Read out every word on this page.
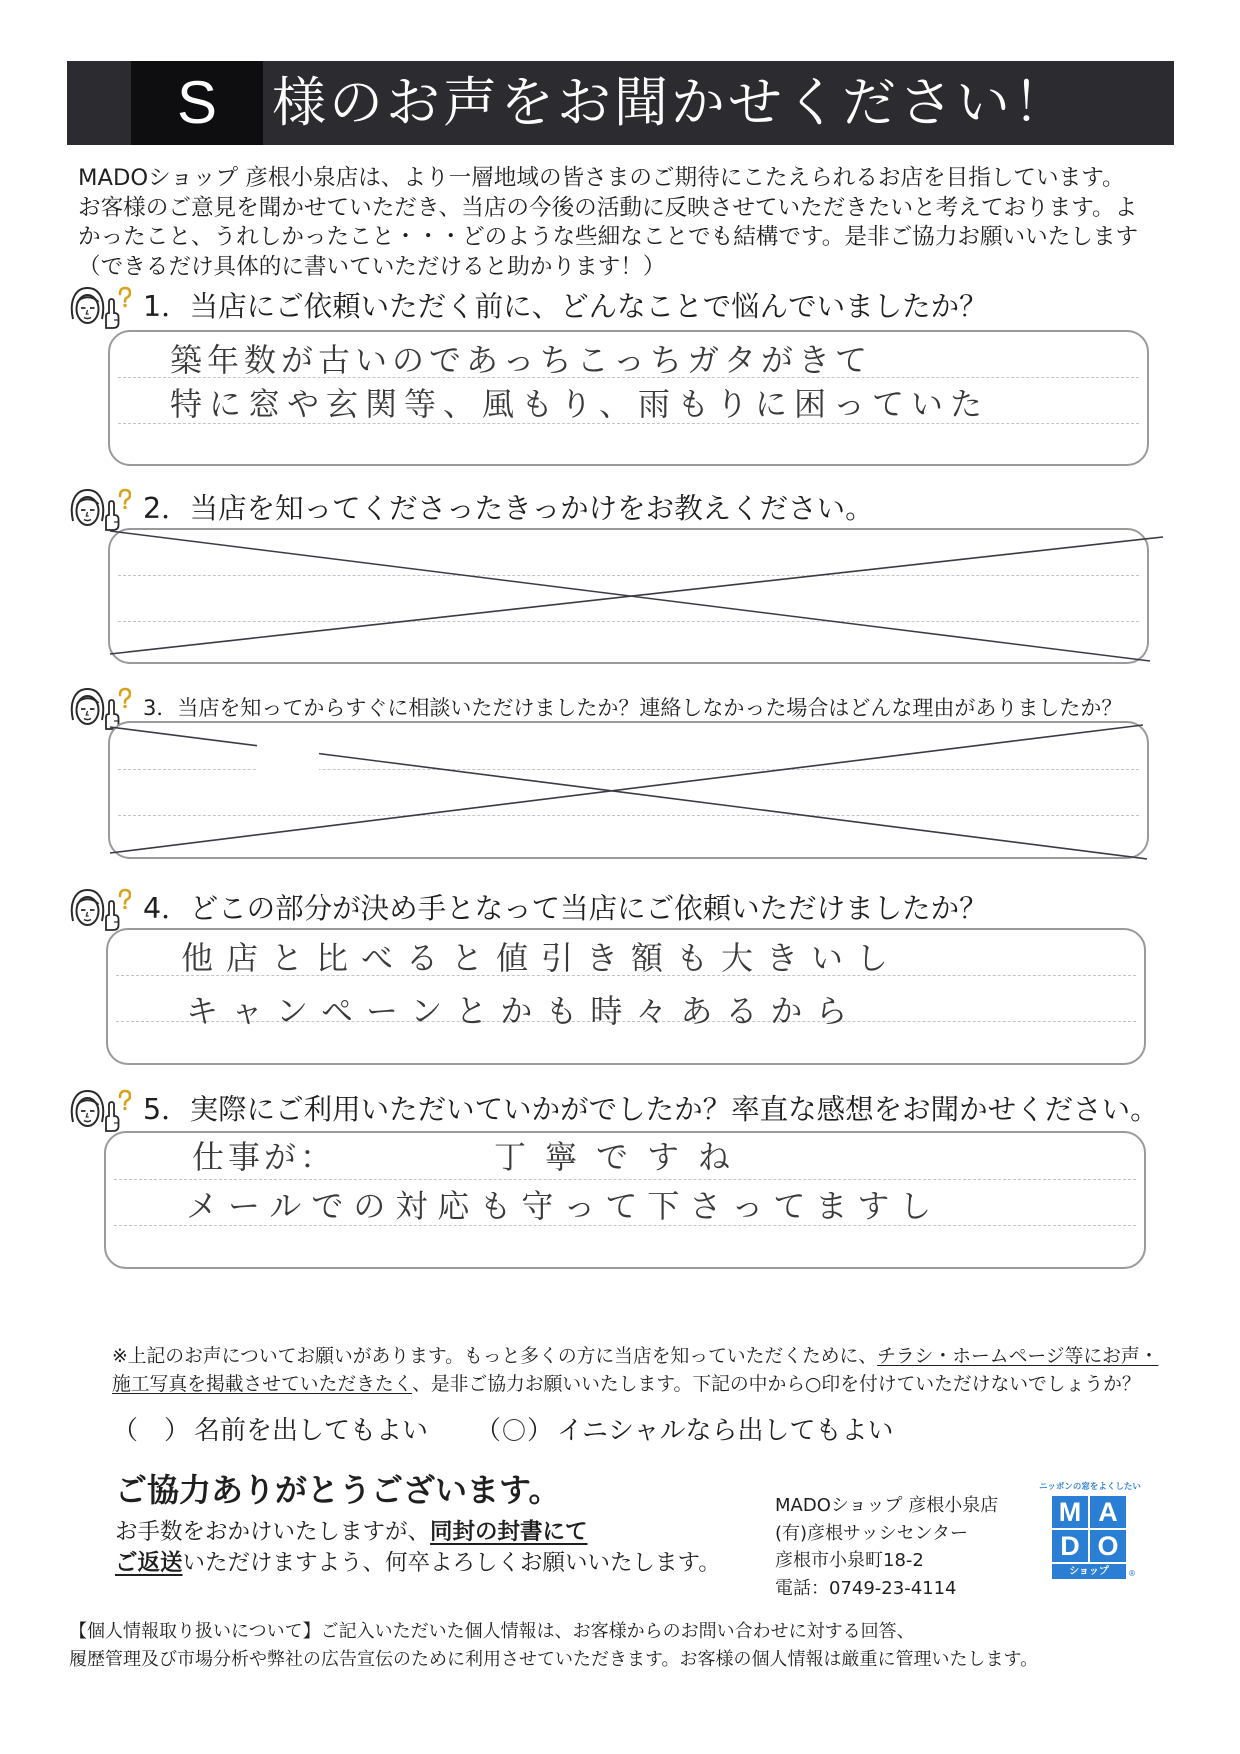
S	様のお声をお聞かせください！
MADOショップ 彦根小泉店は、より一層地域の皆さまのご期待にこたえられるお店を目指しています。
お客様のご意見を聞かせていただき、当店の今後の活動に反映させていただきたいと考えております。よ
かったこと、うれしかったこと・・・どのような些細なことでも結構です。是非ご協力お願いいたします
（できるだけ具体的に書いていただけると助かります！）
1．当店にご依頼いただく前に、どんなことで悩んでいましたか？
築年数が古いのであっちこっちガタがきて
特に窓や玄関等、風もり、雨もりに困っていた
2．当店を知ってくださったきっかけをお教えください。
3．当店を知ってからすぐに相談いただけましたか？連絡しなかった場合はどんな理由がありましたか？
4．どこの部分が決め手となって当店にご依頼いただけましたか？
他店と比べると値引き額も大きいし
キャンペーンとかも時々あるから
5．実際にご利用いただいていかがでしたか？率直な感想をお聞かせください。
仕事が：	丁寧ですね
メールでの対応も守って下さってますし
※上記のお声についてお願いがあります。もっと多くの方に当店を知っていただくために、チラシ・ホームページ等にお声・
施工写真を掲載させていただきたく、是非ご協力お願いいたします。下記の中から○印を付けていただけないでしょうか？
（ ） 名前を出してもよい （〇） イニシャルなら出してもよい
ご協力ありがとうございます。
お手数をおかけいたしますが、同封の封書にて
ご返送いただけますよう、何卒よろしくお願いいたします。
MADOショップ 彦根小泉店
(有)彦根サッシセンター
彦根市小泉町18-2
電話：0749-23-4114
ニッポンの窓をよくしたい
M A
D O
ショップ	®
【個人情報取り扱いについて】ご記入いただいた個人情報は、お客様からのお問い合わせに対する回答、
履歴管理及び市場分析や弊社の広告宣伝のために利用させていただきます。お客様の個人情報は厳重に管理いたします。
